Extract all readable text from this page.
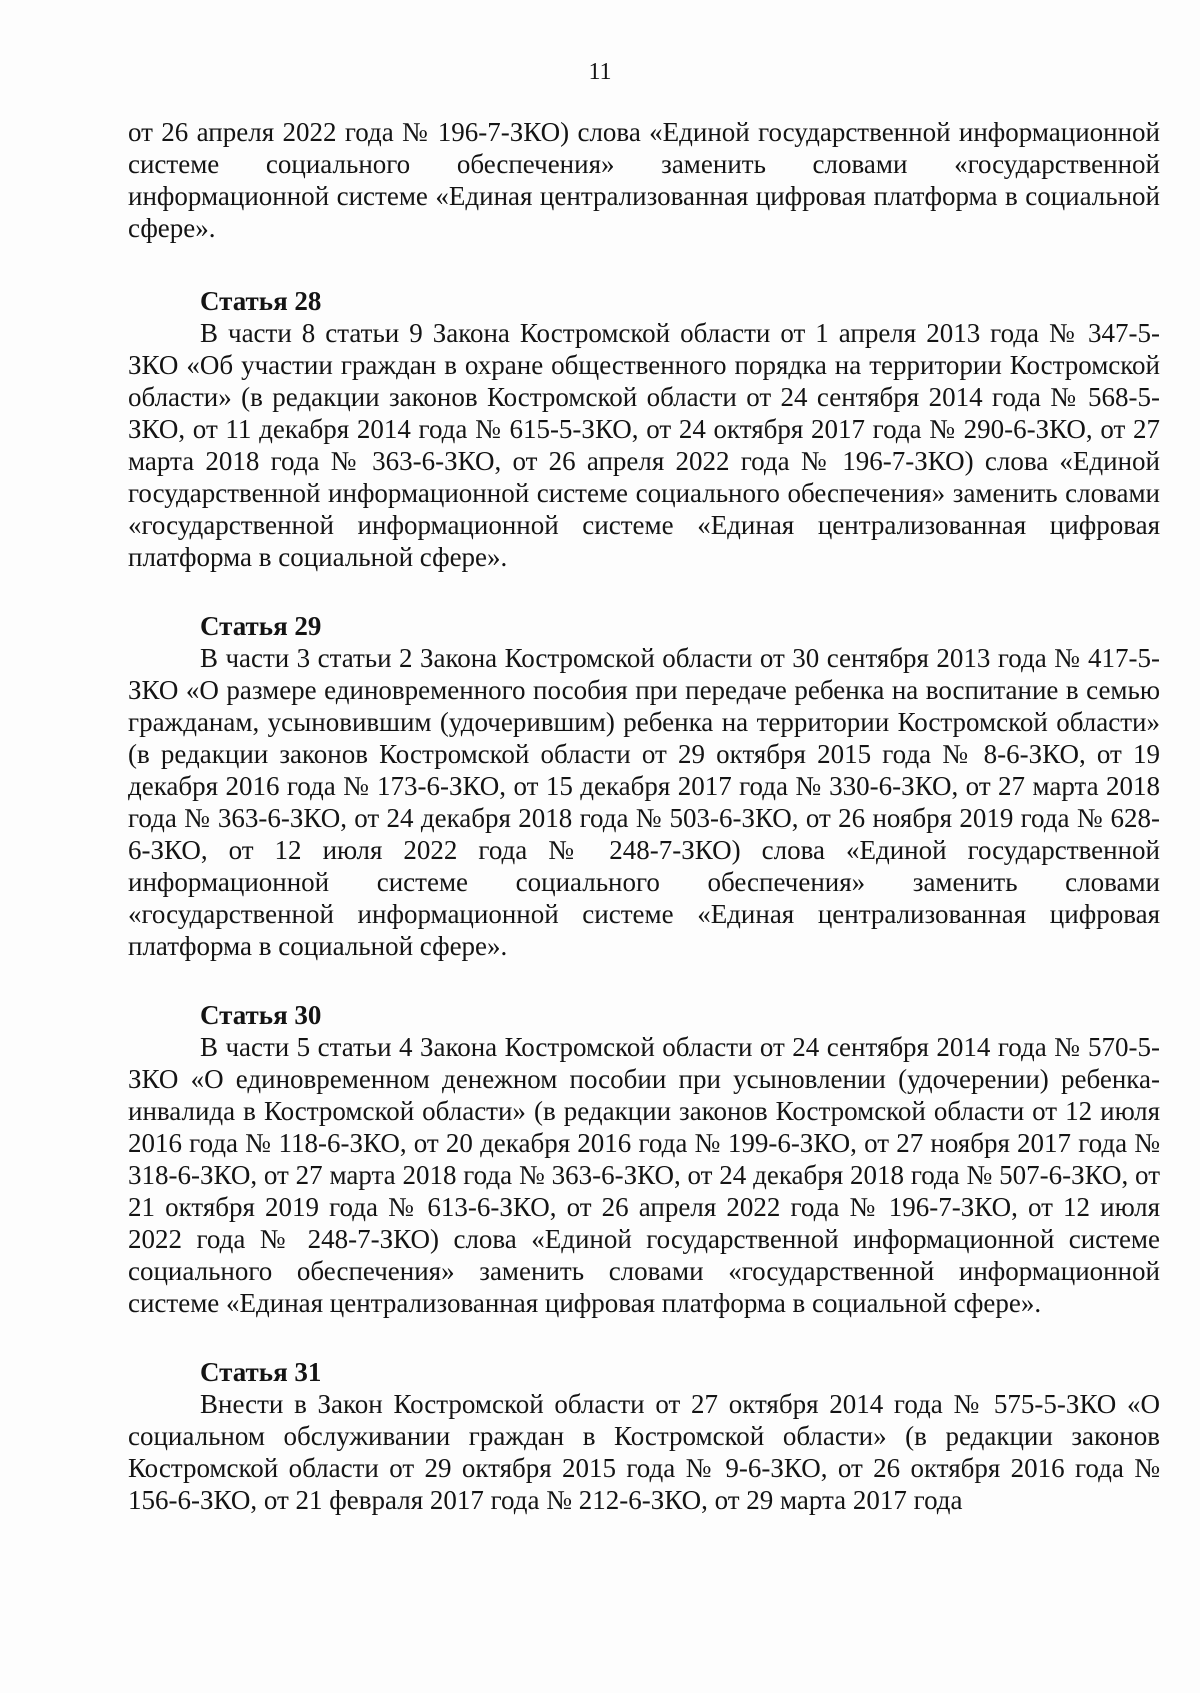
11

от 26 апреля 2022 года № 196-7-ЗКО) слова «Единой государственной информационной системе социального обеспечения» заменить словами «государственной информационной системе «Единая централизованная цифровая платформа в социальной сфере».

Статья 28

В части 8 статьи 9 Закона Костромской области от 1 апреля 2013 года № 347-5-ЗКО «Об участии граждан в охране общественного порядка на территории Костромской области» (в редакции законов Костромской области от 24 сентября 2014 года № 568-5-ЗКО, от 11 декабря 2014 года № 615-5-ЗКО, от 24 октября 2017 года № 290-6-ЗКО, от 27 марта 2018 года № 363-6-ЗКО, от 26 апреля 2022 года № 196-7-ЗКО) слова «Единой государственной информационной системе социального обеспечения» заменить словами «государственной информационной системе «Единая централизованная цифровая платформа в социальной сфере».

Статья 29

В части 3 статьи 2 Закона Костромской области от 30 сентября 2013 года № 417-5-ЗКО «О размере единовременного пособия при передаче ребенка на воспитание в семью гражданам, усыновившим (удочерившим) ребенка на территории Костромской области» (в редакции законов Костромской области от 29 октября 2015 года № 8-6-ЗКО, от 19 декабря 2016 года № 173-6-ЗКО, от 15 декабря 2017 года № 330-6-ЗКО, от 27 марта 2018 года № 363-6-ЗКО, от 24 декабря 2018 года № 503-6-ЗКО, от 26 ноября 2019 года № 628-6-ЗКО, от 12 июля 2022 года № 248-7-ЗКО) слова «Единой государственной информационной системе социального обеспечения» заменить словами «государственной информационной системе «Единая централизованная цифровая платформа в социальной сфере».

Статья 30

В части 5 статьи 4 Закона Костромской области от 24 сентября 2014 года № 570-5-ЗКО «О единовременном денежном пособии при усыновлении (удочерении) ребенка-инвалида в Костромской области» (в редакции законов Костромской области от 12 июля 2016 года № 118-6-ЗКО, от 20 декабря 2016 года № 199-6-ЗКО, от 27 ноября 2017 года № 318-6-ЗКО, от 27 марта 2018 года № 363-6-ЗКО, от 24 декабря 2018 года № 507-6-ЗКО, от 21 октября 2019 года № 613-6-ЗКО, от 26 апреля 2022 года № 196-7-ЗКО, от 12 июля 2022 года № 248-7-ЗКО) слова «Единой государственной информационной системе социального обеспечения» заменить словами «государственной информационной системе «Единая централизованная цифровая платформа в социальной сфере».

Статья 31

Внести в Закон Костромской области от 27 октября 2014 года № 575-5-ЗКО «О социальном обслуживании граждан в Костромской области» (в редакции законов Костромской области от 29 октября 2015 года № 9-6-ЗКО, от 26 октября 2016 года № 156-6-ЗКО, от 21 февраля 2017 года № 212-6-ЗКО, от 29 марта 2017 года
